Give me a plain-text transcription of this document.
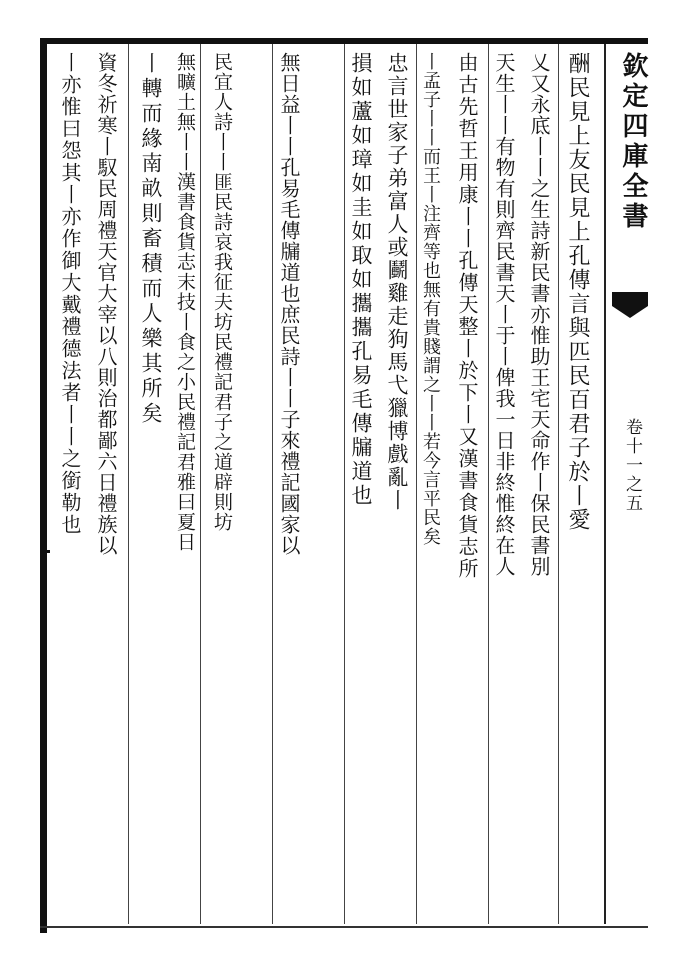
欽定四庫全書
卷十一之五
酬民見上友民見上孔傳言與匹民百君子於丨愛
乂又永底丨丨之生詩新民書亦惟助王宅天命作丨保民書別
天生丨丨有物有則齊民書天丨于丨俾我一日非終惟終在人
由古先哲王用康丨丨孔傳天整丨於下丨又漢書食貨志所
丨孟子丨丨而王丨注齊等也無有貴賤謂之丨丨若今言平民矣
忠言世家子弟富人或鬬雞走狗馬弋獵博戲亂丨
損如蘆如璋如圭如取如攜攜孔易毛傳牖道也
無日益丨丨孔易毛傳牖道也庶民詩丨丨子來禮記國家以
民宜人詩丨丨匪民詩哀我征夫坊民禮記君子之道辟則坊
無曠土無丨丨漢書食貨志末技丨食之小民禮記君雅曰夏日
丨轉而緣南畝則畜積而人樂其所矣
資冬祈寒丨馭民周禮天官大宰以八則治都鄙六日禮族以
丨亦惟曰怨其丨亦作御大戴禮德法者丨丨之銜勒也
